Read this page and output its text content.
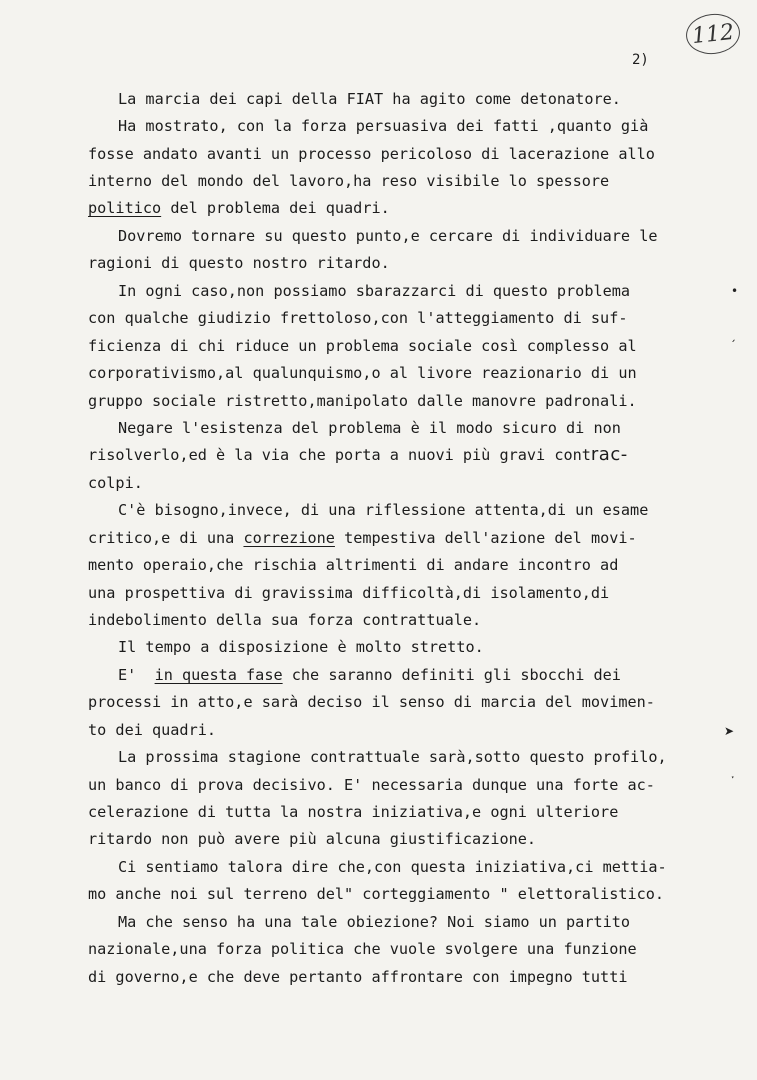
112
2)
La marcia dei capi della FIAT ha agito come detonatore.
Ha mostrato, con la forza persuasiva dei fatti ,quanto già
fosse andato avanti un processo pericoloso di lacerazione allo
interno del mondo del lavoro,ha reso visibile lo spessore
politico del problema dei quadri.
Dovremo tornare su questo punto,e cercare di individuare le
ragioni di questo nostro ritardo.
In ogni caso,non possiamo sbarazzarci di questo problema
con qualche giudizio frettoloso,con l'atteggiamento di suf-
ficienza di chi riduce un problema sociale così complesso al
corporativismo,al qualunquismo,o al livore reazionario di un
gruppo sociale ristretto,manipolato dalle manovre padronali.
Negare l'esistenza del problema è il modo sicuro di non
risolverlo,ed è la via che porta a nuovi più gravi contrac-
colpi.
C'è bisogno,invece, di una riflessione attenta,di un esame
critico,e di una correzione tempestiva dell'azione del movi-
mento operaio,che rischia altrimenti di andare incontro ad
una prospettiva di gravissima difficoltà,di isolamento,di
indebolimento della sua forza contrattuale.
Il tempo a disposizione è molto stretto.
E' in questa fase che saranno definiti gli sbocchi dei
processi in atto,e sarà deciso il senso di marcia del movimen-
to dei quadri.
La prossima stagione contrattuale sarà,sotto questo profilo,
un banco di prova decisivo. E' necessaria dunque una forte ac-
celerazione di tutta la nostra iniziativa,e ogni ulteriore
ritardo non può avere più alcuna giustificazione.
Ci sentiamo talora dire che,con questa iniziativa,ci mettia-
mo anche noi sul terreno del" corteggiamento " elettoralistico.
Ma che senso ha una tale obiezione? Noi siamo un partito
nazionale,una forza politica che vuole svolgere una funzione
di governo,e che deve pertanto affrontare con impegno tutti
•
ˏ
➤
ˑ
